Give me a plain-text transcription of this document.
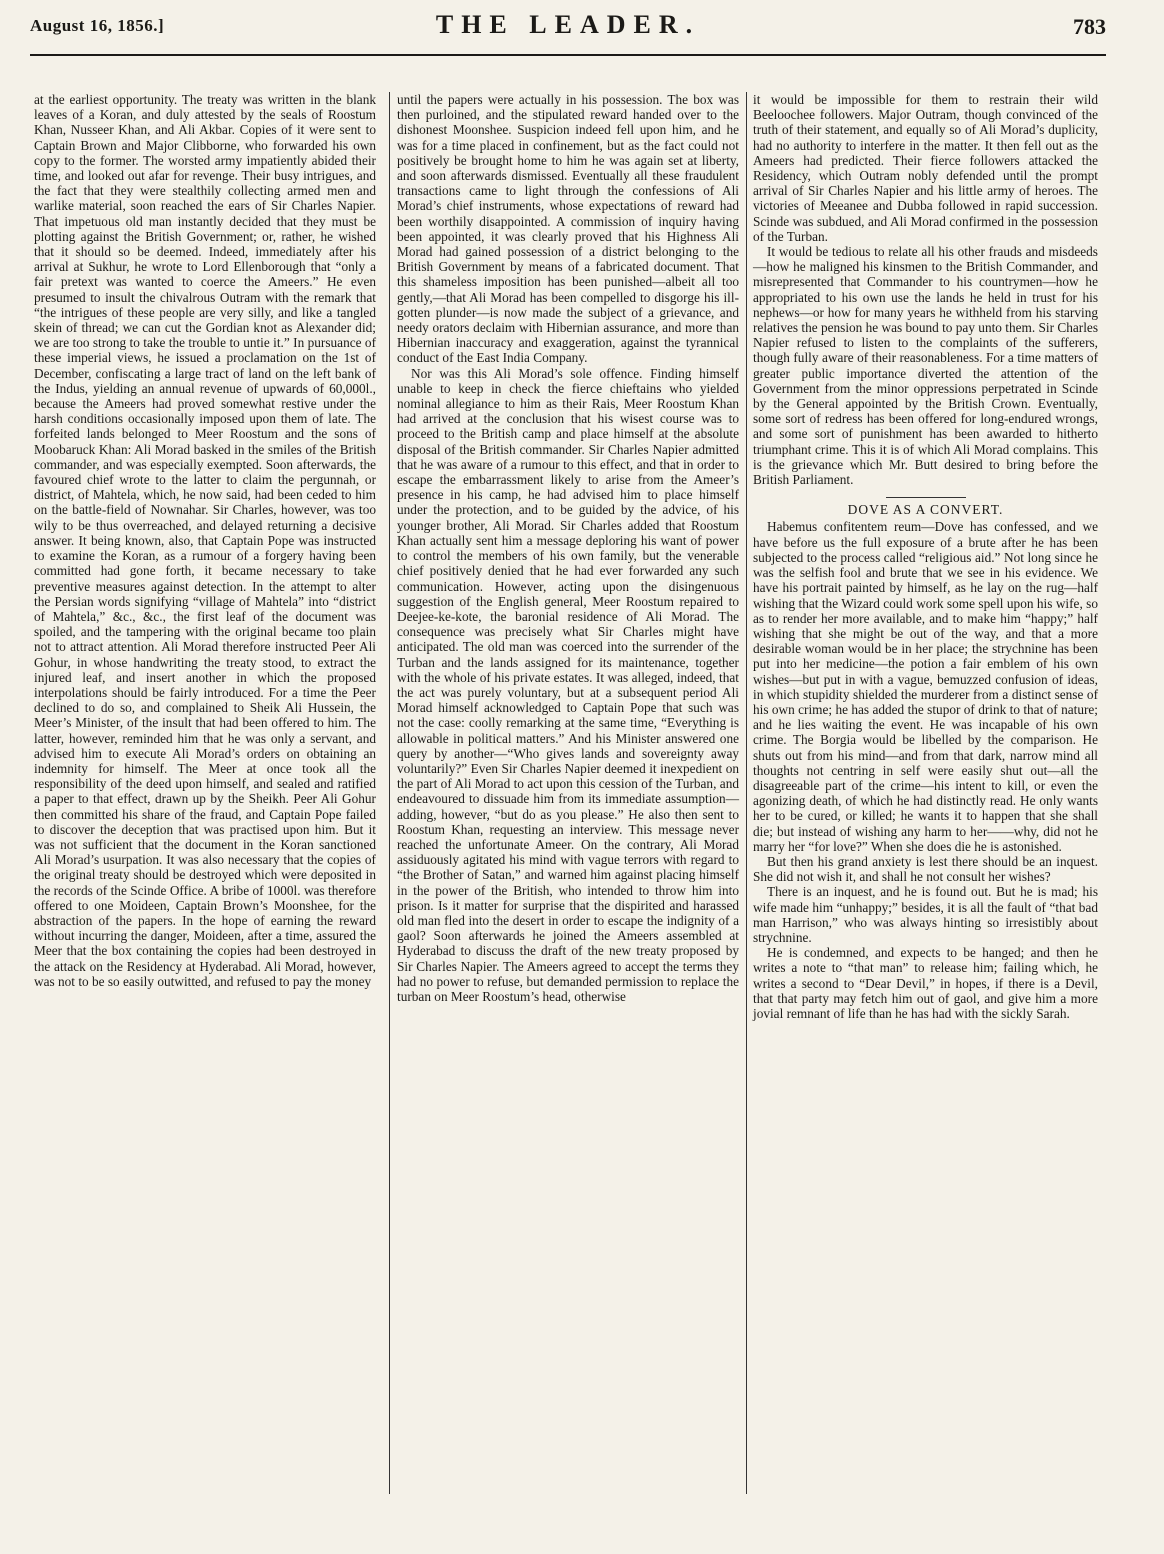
August 16, 1856.]	THE LEADER.	783

at the earliest opportunity. The treaty was written in the blank leaves of a Koran, and duly attested by the seals of Roostum Khan, Nusseer Khan, and Ali Akbar. Copies of it were sent to Captain Brown and Major Clibborne, who forwarded his own copy to the former. The worsted army impatiently abided their time, and looked out afar for revenge. Their busy intrigues, and the fact that they were stealthily collecting armed men and warlike material, soon reached the ears of Sir Charles Napier. That impetuous old man instantly decided that they must be plotting against the British Government; or, rather, he wished that it should so be deemed. Indeed, immediately after his arrival at Sukhur, he wrote to Lord Ellenborough that “only a fair pretext was wanted to coerce the Ameers.” He even presumed to insult the chivalrous Outram with the remark that “the intrigues of these people are very silly, and like a tangled skein of thread; we can cut the Gordian knot as Alexander did; we are too strong to take the trouble to untie it.” In pursuance of these imperial views, he issued a proclamation on the 1st of December, confiscating a large tract of land on the left bank of the Indus, yielding an annual revenue of upwards of 60,000l., because the Ameers had proved somewhat restive under the harsh conditions occasionally imposed upon them of late. The forfeited lands belonged to Meer Roostum and the sons of Moobaruck Khan: Ali Morad basked in the smiles of the British commander, and was especially exempted. Soon afterwards, the favoured chief wrote to the latter to claim the pergunnah, or district, of Mahtela, which, he now said, had been ceded to him on the battle-field of Nownahar. Sir Charles, however, was too wily to be thus overreached, and delayed returning a decisive answer. It being known, also, that Captain Pope was instructed to examine the Koran, as a rumour of a forgery having been committed had gone forth, it became necessary to take preventive measures against detection. In the attempt to alter the Persian words signifying “village of Mahtela” into “district of Mahtela,” &c., &c., the first leaf of the document was spoiled, and the tampering with the original became too plain not to attract attention. Ali Morad therefore instructed Peer Ali Gohur, in whose handwriting the treaty stood, to extract the injured leaf, and insert another in which the proposed interpolations should be fairly introduced. For a time the Peer declined to do so, and complained to Sheik Ali Hussein, the Meer’s Minister, of the insult that had been offered to him. The latter, however, reminded him that he was only a servant, and advised him to execute Ali Morad’s orders on obtaining an indemnity for himself. The Meer at once took all the responsibility of the deed upon himself, and sealed and ratified a paper to that effect, drawn up by the Sheikh. Peer Ali Gohur then committed his share of the fraud, and Captain Pope failed to discover the deception that was practised upon him. But it was not sufficient that the document in the Koran sanctioned Ali Morad’s usurpation. It was also necessary that the copies of the original treaty should be destroyed which were deposited in the records of the Scinde Office. A bribe of 1000l. was therefore offered to one Moideen, Captain Brown’s Moonshee, for the abstraction of the papers. In the hope of earning the reward without incurring the danger, Moideen, after a time, assured the Meer that the box containing the copies had been destroyed in the attack on the Residency at Hyderabad. Ali Morad, however, was not to be so easily outwitted, and refused to pay the money

until the papers were actually in his possession. The box was then purloined, and the stipulated reward handed over to the dishonest Moonshee. Suspicion indeed fell upon him, and he was for a time placed in confinement, but as the fact could not positively be brought home to him he was again set at liberty, and soon afterwards dismissed. Eventually all these fraudulent transactions came to light through the confessions of Ali Morad’s chief instruments, whose expectations of reward had been worthily disappointed. A commission of inquiry having been appointed, it was clearly proved that his Highness Ali Morad had gained possession of a district belonging to the British Government by means of a fabricated document. That this shameless imposition has been punished—albeit all too gently,—that Ali Morad has been compelled to disgorge his ill-gotten plunder—is now made the subject of a grievance, and needy orators declaim with Hibernian assurance, and more than Hibernian inaccuracy and exaggeration, against the tyrannical conduct of the East India Company.

Nor was this Ali Morad’s sole offence. Finding himself unable to keep in check the fierce chieftains who yielded nominal allegiance to him as their Rais, Meer Roostum Khan had arrived at the conclusion that his wisest course was to proceed to the British camp and place himself at the absolute disposal of the British commander. Sir Charles Napier admitted that he was aware of a rumour to this effect, and that in order to escape the embarrassment likely to arise from the Ameer’s presence in his camp, he had advised him to place himself under the protection, and to be guided by the advice, of his younger brother, Ali Morad. Sir Charles added that Roostum Khan actually sent him a message deploring his want of power to control the members of his own family, but the venerable chief positively denied that he had ever forwarded any such communication. However, acting upon the disingenuous suggestion of the English general, Meer Roostum repaired to Deejee-ke-kote, the baronial residence of Ali Morad. The consequence was precisely what Sir Charles might have anticipated. The old man was coerced into the surrender of the Turban and the lands assigned for its maintenance, together with the whole of his private estates. It was alleged, indeed, that the act was purely voluntary, but at a subsequent period Ali Morad himself acknowledged to Captain Pope that such was not the case: coolly remarking at the same time, “Everything is allowable in political matters.” And his Minister answered one query by another—“Who gives lands and sovereignty away voluntarily?” Even Sir Charles Napier deemed it inexpedient on the part of Ali Morad to act upon this cession of the Turban, and endeavoured to dissuade him from its immediate assumption—adding, however, “but do as you please.” He also then sent to Roostum Khan, requesting an interview. This message never reached the unfortunate Ameer. On the contrary, Ali Morad assiduously agitated his mind with vague terrors with regard to “the Brother of Satan,” and warned him against placing himself in the power of the British, who intended to throw him into prison. Is it matter for surprise that the dispirited and harassed old man fled into the desert in order to escape the indignity of a gaol? Soon afterwards he joined the Ameers assembled at Hyderabad to discuss the draft of the new treaty proposed by Sir Charles Napier. The Ameers agreed to accept the terms they had no power to refuse, but demanded permission to replace the turban on Meer Roostum’s head, otherwise

it would be impossible for them to restrain their wild Beeloochee followers. Major Outram, though convinced of the truth of their statement, and equally so of Ali Morad’s duplicity, had no authority to interfere in the matter. It then fell out as the Ameers had predicted. Their fierce followers attacked the Residency, which Outram nobly defended until the prompt arrival of Sir Charles Napier and his little army of heroes. The victories of Meeanee and Dubba followed in rapid succession. Scinde was subdued, and Ali Morad confirmed in the possession of the Turban.

It would be tedious to relate all his other frauds and misdeeds—how he maligned his kinsmen to the British Commander, and misrepresented that Commander to his countrymen—how he appropriated to his own use the lands he held in trust for his nephews—or how for many years he withheld from his starving relatives the pension he was bound to pay unto them. Sir Charles Napier refused to listen to the complaints of the sufferers, though fully aware of their reasonableness. For a time matters of greater public importance diverted the attention of the Government from the minor oppressions perpetrated in Scinde by the General appointed by the British Crown. Eventually, some sort of redress has been offered for long-endured wrongs, and some sort of punishment has been awarded to hitherto triumphant crime. This it is of which Ali Morad complains. This is the grievance which Mr. Butt desired to bring before the British Parliament.

DOVE AS A CONVERT.

Habemus confitentem reum—Dove has confessed, and we have before us the full exposure of a brute after he has been subjected to the process called “religious aid.” Not long since he was the selfish fool and brute that we see in his evidence. We have his portrait painted by himself, as he lay on the rug—half wishing that the Wizard could work some spell upon his wife, so as to render her more available, and to make him “happy;” half wishing that she might be out of the way, and that a more desirable woman would be in her place; the strychnine has been put into her medicine—the potion a fair emblem of his own wishes—but put in with a vague, bemuzzed confusion of ideas, in which stupidity shielded the murderer from a distinct sense of his own crime; he has added the stupor of drink to that of nature; and he lies waiting the event. He was incapable of his own crime. The Borgia would be libelled by the comparison. He shuts out from his mind—and from that dark, narrow mind all thoughts not centring in self were easily shut out—all the disagreeable part of the crime—his intent to kill, or even the agonizing death, of which he had distinctly read. He only wants her to be cured, or killed; he wants it to happen that she shall die; but instead of wishing any harm to her——why, did not he marry her “for love?” When she does die he is astonished.

But then his grand anxiety is lest there should be an inquest. She did not wish it, and shall he not consult her wishes?

There is an inquest, and he is found out. But he is mad; his wife made him “unhappy;” besides, it is all the fault of “that bad man Harrison,” who was always hinting so irresistibly about strychnine.

He is condemned, and expects to be hanged; and then he writes a note to “that man” to release him; failing which, he writes a second to “Dear Devil,” in hopes, if there is a Devil, that that party may fetch him out of gaol, and give him a more jovial remnant of life than he has had with the sickly Sarah.
